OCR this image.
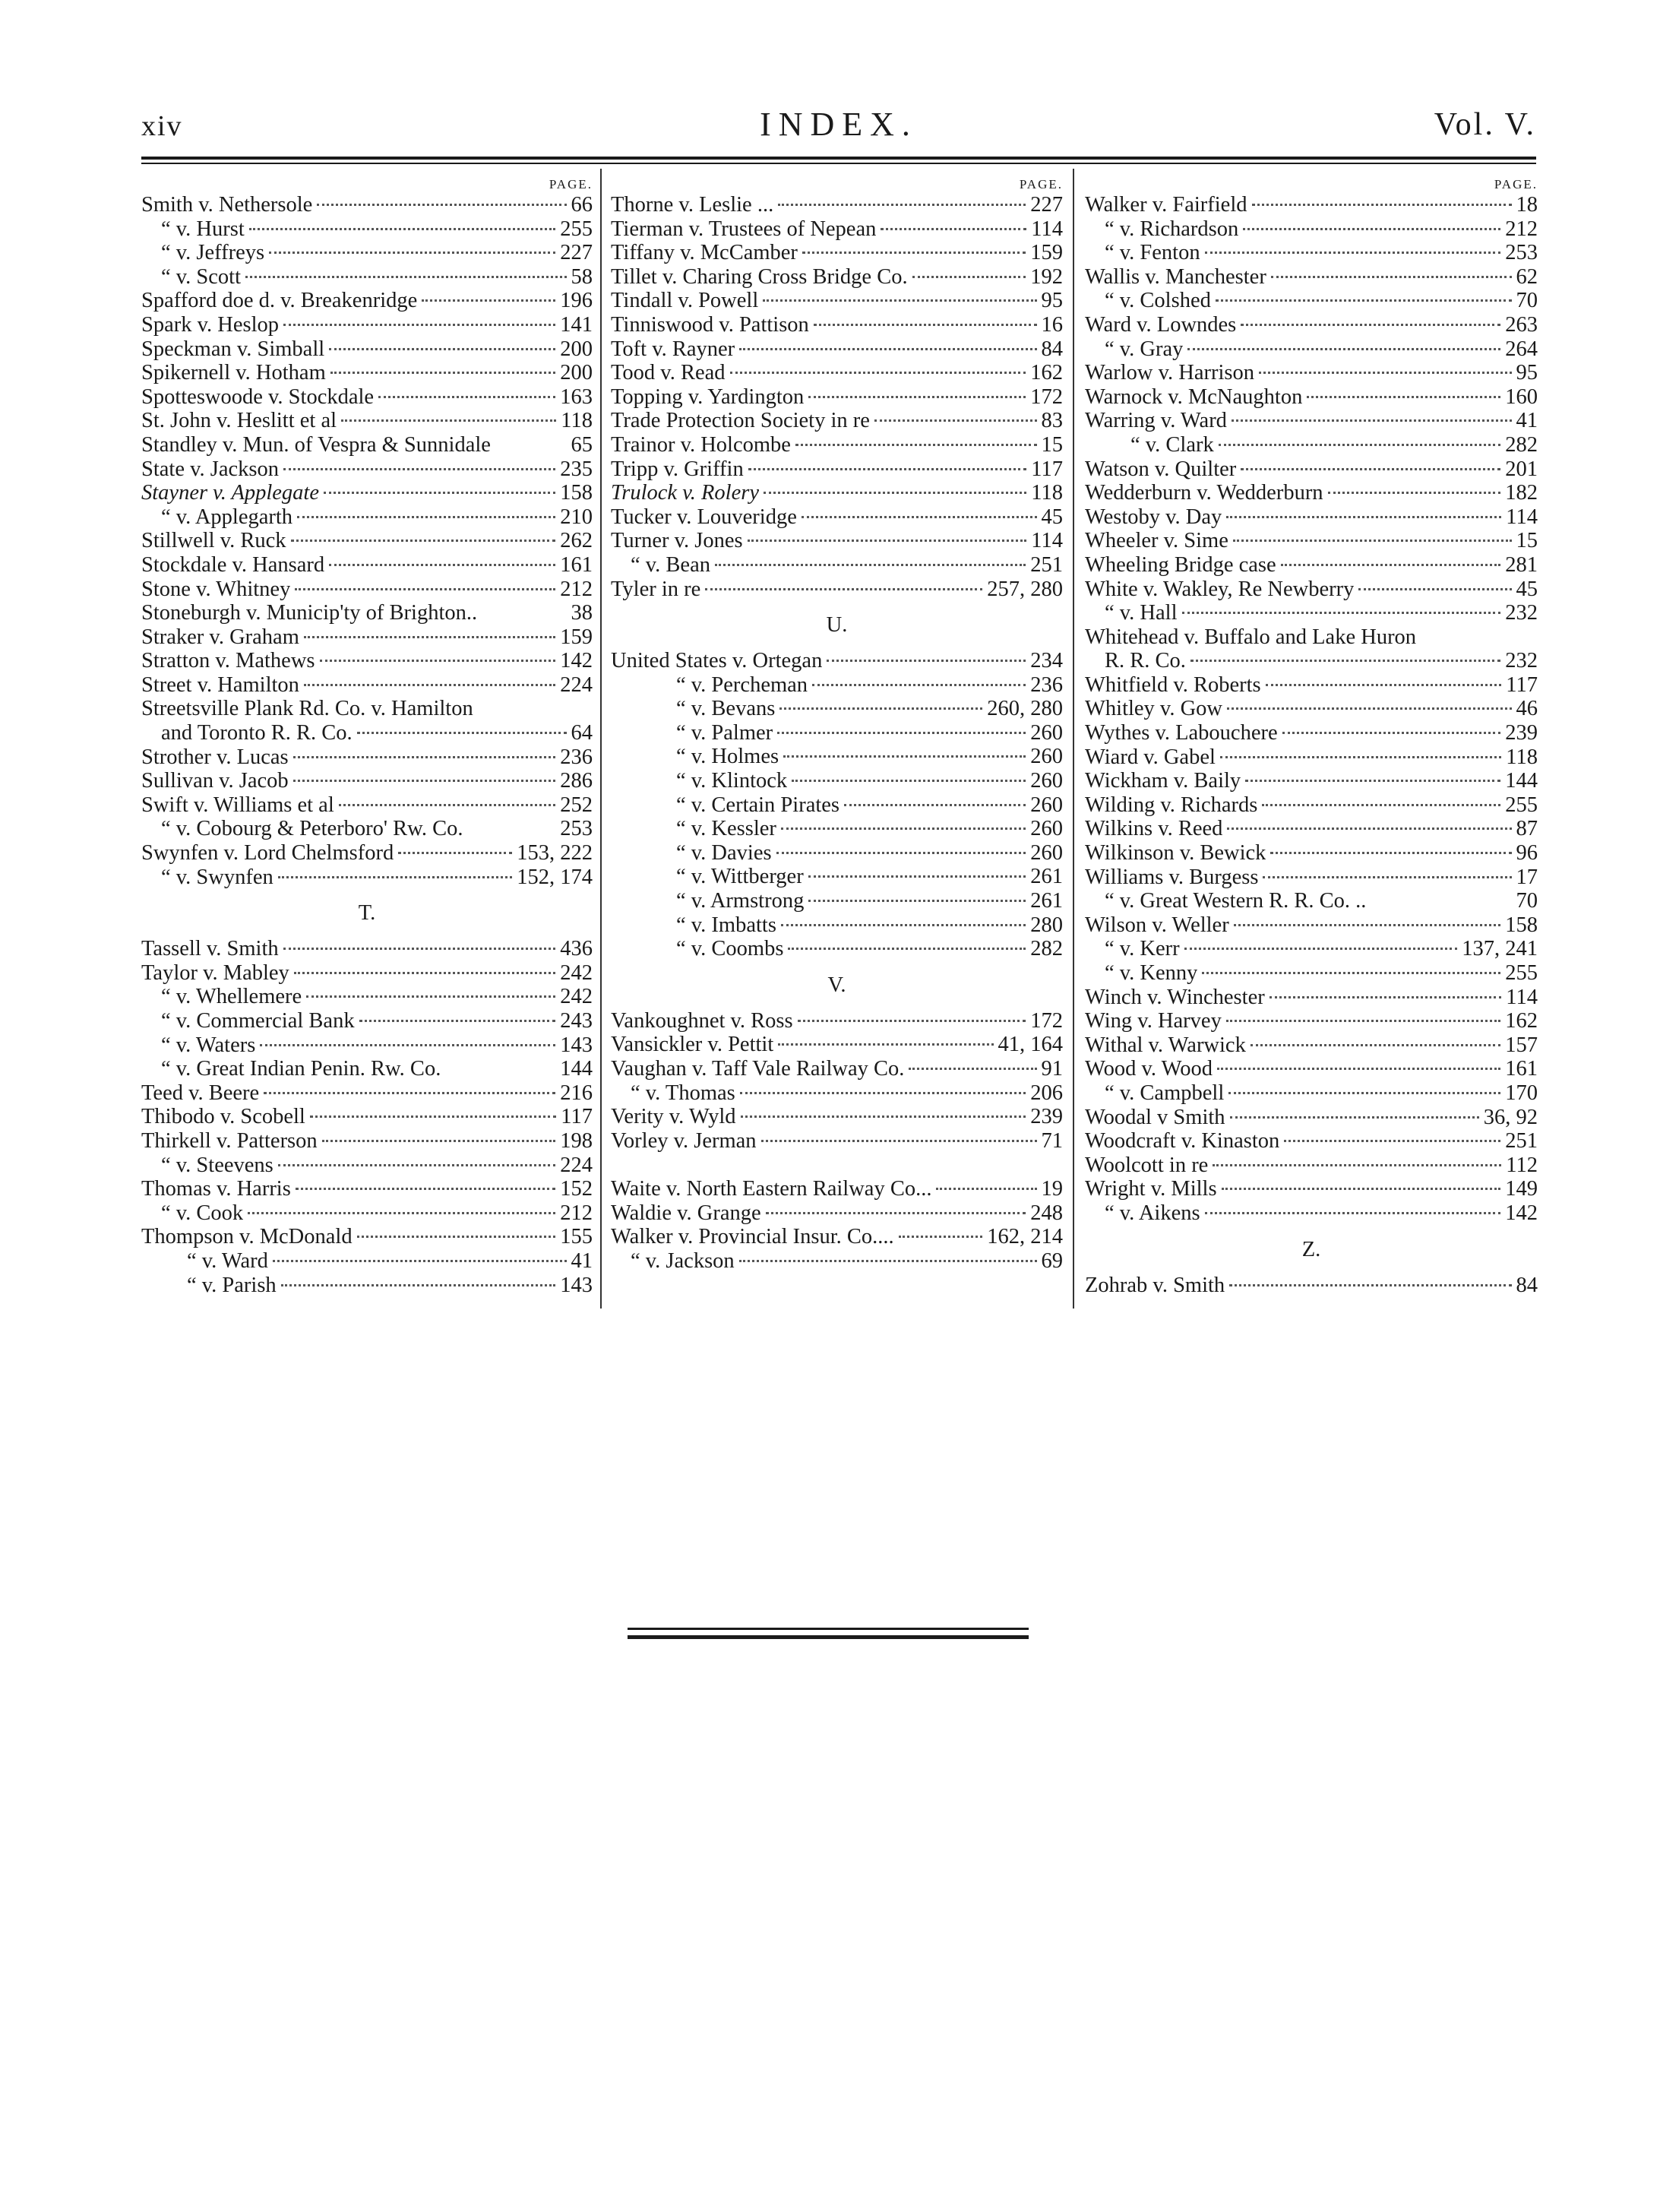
xiv	INDEX.	Vol. V.
PAGE.
Smith v. Nethersole	66
“ v. Hurst	255
“ v. Jeffreys	227
“ v. Scott	58
Spafford doe d. v. Breakenridge	196
Spark v. Heslop	141
Speckman v. Simball	200
Spikernell v. Hotham	200
Spotteswoode v. Stockdale	163
St. John v. Heslitt et al	118
Standley v. Mun. of Vespra & Sunnidale	65
State v. Jackson	235
Stayner v. Applegate	158
“ v. Applegarth	210
Stillwell v. Ruck	262
Stockdale v. Hansard	161
Stone v. Whitney	212
Stoneburgh v. Municip'ty of Brighton..	38
Straker v. Graham	159
Stratton v. Mathews	142
Street v. Hamilton	224
Streetsville Plank Rd. Co. v. Hamilton
and Toronto R. R. Co.	64
Strother v. Lucas	236
Sullivan v. Jacob	286
Swift v. Williams et al	252
“ v. Cobourg & Peterboro' Rw. Co.	253
Swynfen v. Lord Chelmsford	153, 222
“ v. Swynfen	152, 174
T.
Tassell v. Smith	436
Taylor v. Mabley	242
“ v. Whellemere	242
“ v. Commercial Bank	243
“ v. Waters	143
“ v. Great Indian Penin. Rw. Co.	144
Teed v. Beere	216
Thibodo v. Scobell	117
Thirkell v. Patterson	198
“ v. Steevens	224
Thomas v. Harris	152
“ v. Cook	212
Thompson v. McDonald	155
“ v. Ward	41
“ v. Parish	143
PAGE.
Thorne v. Leslie ...	227
Tierman v. Trustees of Nepean	114
Tiffany v. McCamber	159
Tillet v. Charing Cross Bridge Co.	192
Tindall v. Powell	95
Tinniswood v. Pattison	16
Toft v. Rayner	84
Tood v. Read	162
Topping v. Yardington	172
Trade Protection Society in re	83
Trainor v. Holcombe	15
Tripp v. Griffin	117
Trulock v. Rolery	118
Tucker v. Louveridge	45
Turner v. Jones	114
“ v. Bean	251
Tyler in re	257, 280
U.
United States v. Ortegan	234
“ v. Percheman	236
“ v. Bevans	260, 280
“ v. Palmer	260
“ v. Holmes	260
“ v. Klintock	260
“ v. Certain Pirates	260
“ v. Kessler	260
“ v. Davies	260
“ v. Wittberger	261
“ v. Armstrong	261
“ v. Imbatts	280
“ v. Coombs	282
V.
Vankoughnet v. Ross	172
Vansickler v. Pettit	41, 164
Vaughan v. Taff Vale Railway Co.	91
“ v. Thomas	206
Verity v. Wyld	239
Vorley v. Jerman	71
Waite v. North Eastern Railway Co...	19
Waldie v. Grange	248
Walker v. Provincial Insur. Co....	162, 214
“ v. Jackson	69
PAGE.
Walker v. Fairfield	18
“ v. Richardson	212
“ v. Fenton	253
Wallis v. Manchester	62
“ v. Colshed	70
Ward v. Lowndes	263
“ v. Gray	264
Warlow v. Harrison	95
Warnock v. McNaughton	160
Warring v. Ward	41
“ v. Clark	282
Watson v. Quilter	201
Wedderburn v. Wedderburn	182
Westoby v. Day	114
Wheeler v. Sime	15
Wheeling Bridge case	281
White v. Wakley, Re Newberry	45
“ v. Hall	232
Whitehead v. Buffalo and Lake Huron
R. R. Co.	232
Whitfield v. Roberts	117
Whitley v. Gow	46
Wythes v. Labouchere	239
Wiard v. Gabel	118
Wickham v. Baily	144
Wilding v. Richards	255
Wilkins v. Reed	87
Wilkinson v. Bewick	96
Williams v. Burgess	17
“ v. Great Western R. R. Co. ..	70
Wilson v. Weller	158
“ v. Kerr	137, 241
“ v. Kenny	255
Winch v. Winchester	114
Wing v. Harvey	162
Withal v. Warwick	157
Wood v. Wood	161
“ v. Campbell	170
Woodal v Smith	36, 92
Woodcraft v. Kinaston	251
Woolcott in re	112
Wright v. Mills	149
“ v. Aikens	142
Z.
Zohrab v. Smith	84
